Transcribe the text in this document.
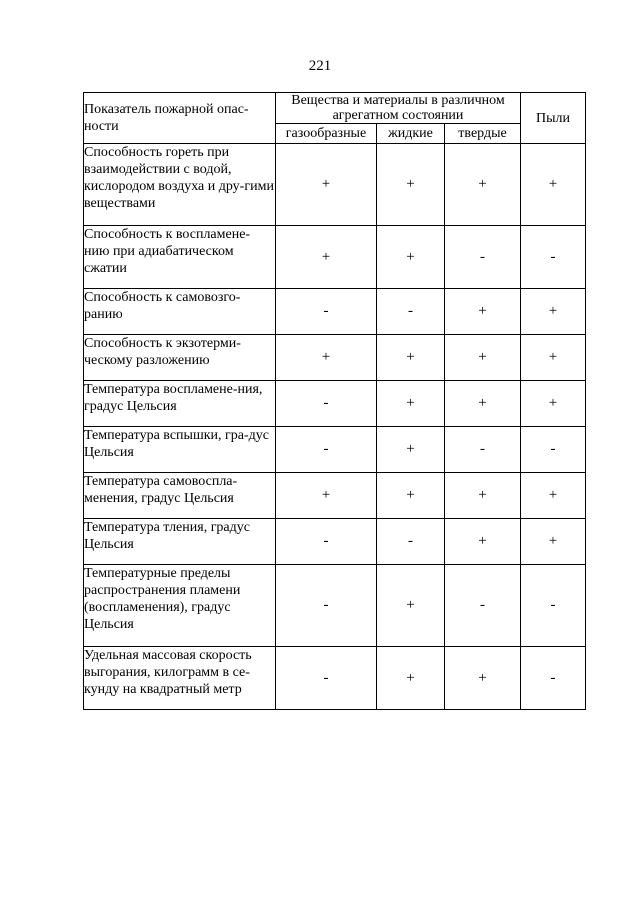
221
Показатель пожарной опас-ности	Вещества и материалы в различном агрегатном состоянии			Пыли
	газообразные	жидкие	твердые	
Способность гореть при взаимодействии с водой, кислородом воздуха и дру-гими веществами	+	+	+	+
Способность к воспламене-нию при адиабатическом сжатии	+	+	-	-
Способность к самовозго-ранию	-	-	+	+
Способность к экзотерми-ческому разложению	+	+	+	+
Температура воспламене-ния, градус Цельсия	-	+	+	+
Температура вспышки, гра-дус Цельсия	-	+	-	-
Температура самовоспла-менения, градус Цельсия	+	+	+	+
Температура тления, градус Цельсия	-	-	+	+
Температурные пределы распространения пламени (воспламенения), градус Цельсия	-	+	-	-
Удельная массовая скорость выгорания, килограмм в се-кунду на квадратный метр	-	+	+	-
